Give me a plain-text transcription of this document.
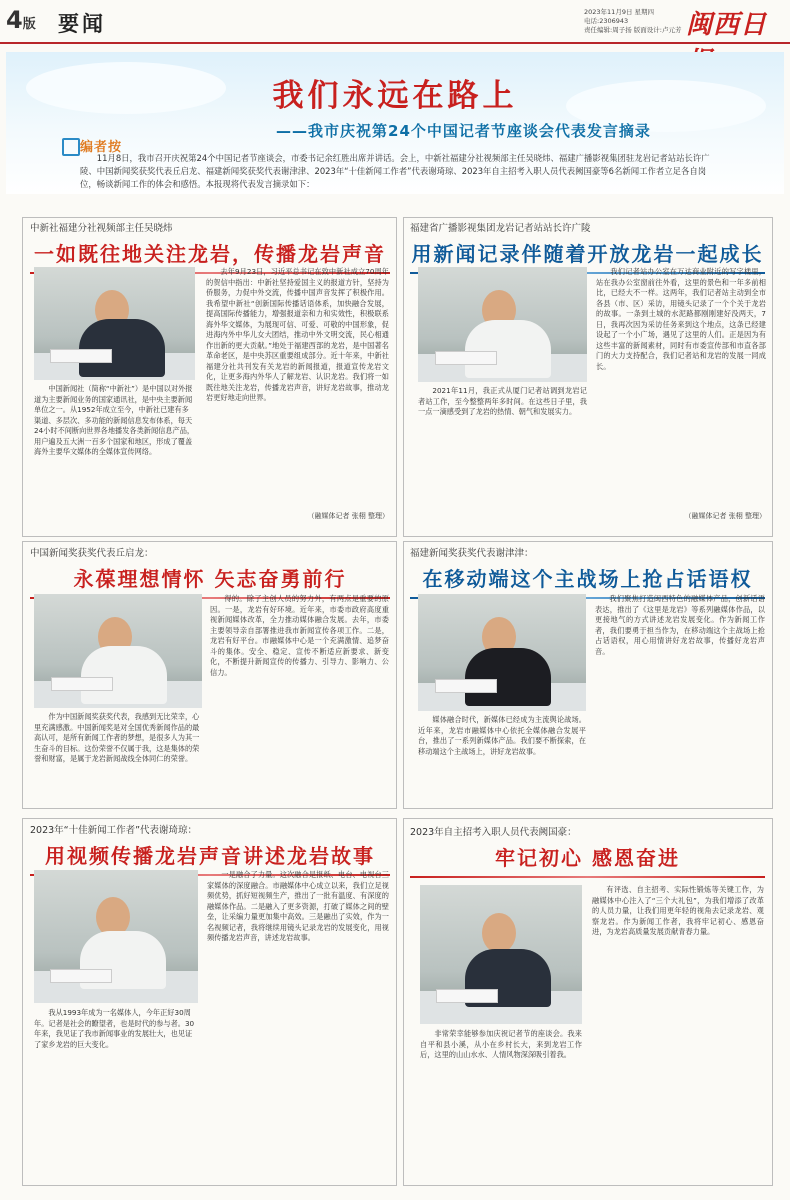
4版 要闻	2023年11月9日 星期四
电话:2306943
责任编辑:周子扬 版面设计:卢元芳 闽西日
我们永远在路上
——我市庆祝第24个中国记者节座谈会代表发言摘录
编者按
11月8日，我市召开庆祝第24个中国记者节座谈会，市委书记余红胜出席并讲话。会上，中新社福建分社视频部主任吴晓炜、福建广播影视集团驻龙岩记者站站长许广陵、中国新闻奖获奖代表丘启龙、福建新闻奖获奖代表谢津津、2023年“十佳新闻工作者”代表谢琦琼、2023年自主招考入职人员代表阙国豪等6名新闻工作者立足各自岗位，畅谈新闻工作的体会和感悟。本报现将代表发言摘录如下：
中新社福建分社视频部主任吴晓炜
一如既往地关注龙岩，传播龙岩声音
中国新闻社（简称“中新社”）是中国以对外报道为主要新闻业务的国家通讯社，是中央主要新闻单位之一。从1952年成立至今，中新社已建有多渠道、多层次、多功能的新闻信息发布体系，每天24小时不间断向世界各地播发各类新闻信息产品，用户遍及五大洲一百多个国家和地区，形成了覆盖海外主要华文媒体的全媒体宣传网络。
去年9月23日，习近平总书记在致中新社成立70周年的贺信中指出：中新社坚持爱国主义的报道方针，坚持为侨服务，力促中外交流，传播中国声音发挥了积极作用。我希望中新社“创新国际传播话语体系，加快融合发展，提高国际传播能力，增强报道亲和力和实效性，积极联系海外华文媒体，为展现可信、可爱、可敬的中国形象，促进海内外中华儿女大团结，推动中外文明交流，民心相通作出新的更大贡献。”地处于福建西部的龙岩，是中国著名革命老区，是中央苏区重要组成部分。近十年来，中新社福建分社共刊发有关龙岩的新闻报道，报道宣传龙岩文化，让更多海内外华人了解龙岩、认识龙岩。我们将一如既往地关注龙岩，传播龙岩声音，讲好龙岩故事，推动龙岩更好地走向世界。
（融媒体记者 张栩 整理）
福建省广播影视集团龙岩记者站站长许广陵
用新闻记录伴随着开放龙岩一起成长
2021年11月，我正式从厦门记者站调到龙岩记者站工作，至今整整两年多时间。在这些日子里，我一点一滴感受到了龙岩的热情、朝气和发展实力。
我们记者站办公室在万达商业附近的写字楼里，站在我办公室窗前往外看，这里的景色和一年多前相比，已经大不一样。这两年，我们记者站主动到全市各县（市、区）采访，用镜头记录了一个个关于龙岩的故事。一条到土城的水泥路都刚刚建好没两天，7日，我再次因为采访任务来到这个地点，这条已经建设起了一个小广场，遇见了这里的人们。正是因为有这些丰富的新闻素材，同时有市委宣传部和市直各部门的大力支持配合，我们记者站和龙岩的发展一同成长。
（融媒体记者 张栩 整理）
中国新闻奖获奖代表丘启龙：
永葆理想情怀 矢志奋勇前行
作为中国新闻奖获奖代表，我感到无比荣幸，心里充满感激。中国新闻奖是对全国优秀新闻作品的最高认可，是所有新闻工作者的梦想，是很多人为其一生奋斗的目标。这份荣誉不仅属于我，这是集体的荣誉和财富，是属于龙岩新闻战线全体同仁的荣誉。
得的。除了主创人员的努力外，有两点是重要的原因。一是，龙岩有好环境。近年来，市委市政府高度重视新闻媒体改革，全力推动媒体融合发展。去年，市委主要领导亲自部署推进我市新闻宣传各项工作。二是，龙岩有好平台。市融媒体中心是一个充满激情、追梦奋斗的集体。安全、稳定、宣传不断适应新要求、新变化，不断提升新闻宣传的传播力、引导力、影响力、公信力。
福建新闻奖获奖代表谢津津：
在移动端这个主战场上抢占话语权
媒体融合时代，新媒体已经成为主流舆论战场。近年来，龙岩市融媒体中心依托全媒体融合发展平台，推出了一系列新媒体产品。我们要不断探索，在移动端这个主战场上，讲好龙岩故事。
我们聚焦打造闽西特色的融媒体产品，创新话语表达，推出了《这里是龙岩》等系列融媒体作品，以更接地气的方式讲述龙岩发展变化。作为新闻工作者，我们要勇于担当作为，在移动端这个主战场上抢占话语权，用心用情讲好龙岩故事，传播好龙岩声音。
2023年“十佳新闻工作者”代表谢琦琼：
用视频传播龙岩声音讲述龙岩故事
我从1993年成为一名媒体人，今年正好30周年。记者是社会的瞭望者，也是时代的参与者。30年来，我见证了我市新闻事业的发展壮大，也见证了家乡龙岩的巨大变化。
一是融合了力量。这次融合是报纸、电台、电视台三家媒体的深度融合。市融媒体中心成立以来，我们立足视频优势，抓好短视频生产，推出了一批有温度、有深度的融媒体作品。二是融入了更多资源，打破了媒体之间的壁垒，让采编力量更加集中高效。三是融出了实效，作为一名视频记者，我将继续用镜头记录龙岩的发展变化，用视频传播龙岩声音，讲述龙岩故事。
2023年自主招考入职人员代表阙国豪：
牢记初心 感恩奋进
非常荣幸能够参加庆祝记者节的座谈会。我来自平和县小溪，从小在乡村长大，来到龙岩工作后，这里的山山水水、人情风物深深吸引着我。
有评选、自主招考、实际性锻炼等关键工作，为融媒体中心注入了“三个大礼包”，为我们增添了改革的人员力量，让我们用更年轻的视角去记录龙岩、观察龙岩。作为新闻工作者，我将牢记初心、感恩奋进，为龙岩高质量发展贡献青春力量。
